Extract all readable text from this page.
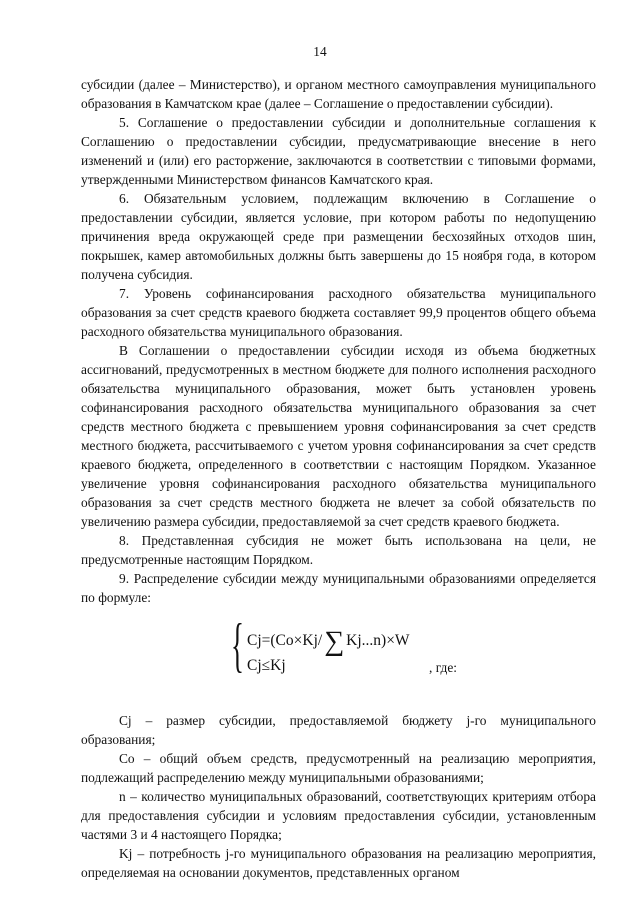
14

субсидии (далее – Министерство), и органом местного самоуправления муниципального образования в Камчатском крае (далее – Соглашение о предоставлении субсидии).

5. Соглашение о предоставлении субсидии и дополнительные соглашения к Соглашению о предоставлении субсидии, предусматривающие внесение в него изменений и (или) его расторжение, заключаются в соответствии с типовыми формами, утвержденными Министерством финансов Камчатского края.

6. Обязательным условием, подлежащим включению в Соглашение о предоставлении субсидии, является условие, при котором работы по недопущению причинения вреда окружающей среде при размещении бесхозяйных отходов шин, покрышек, камер автомобильных должны быть завершены до 15 ноября года, в котором получена субсидия.

7. Уровень софинансирования расходного обязательства муниципального образования за счет средств краевого бюджета составляет 99,9 процентов общего объема расходного обязательства муниципального образования.

В Соглашении о предоставлении субсидии исходя из объема бюджетных ассигнований, предусмотренных в местном бюджете для полного исполнения расходного обязательства муниципального образования, может быть установлен уровень софинансирования расходного обязательства муниципального образования за счет средств местного бюджета с превышением уровня софинансирования за счет средств местного бюджета, рассчитываемого с учетом уровня софинансирования за счет средств краевого бюджета, определенного в соответствии с настоящим Порядком. Указанное увеличение уровня софинансирования расходного обязательства муниципального образования за счет средств местного бюджета не влечет за собой обязательств по увеличению размера субсидии, предоставляемой за счет средств краевого бюджета.

8. Представленная субсидия не может быть использована на цели, не предусмотренные настоящим Порядком.

9. Распределение субсидии между муниципальными образованиями определяется по формуле:

{ Cj=(Co×Kj/∑ Kj...n)×W
Cj≤Kj	, где:

Cj – размер субсидии, предоставляемой бюджету j-го муниципального образования;

Co – общий объем средств, предусмотренный на реализацию мероприятия, подлежащий распределению между муниципальными образованиями;

n – количество муниципальных образований, соответствующих критериям отбора для предоставления субсидии и условиям предоставления субсидии, установленным частями 3 и 4 настоящего Порядка;

Kj – потребность j-го муниципального образования на реализацию мероприятия, определяемая на основании документов, представленных органом
